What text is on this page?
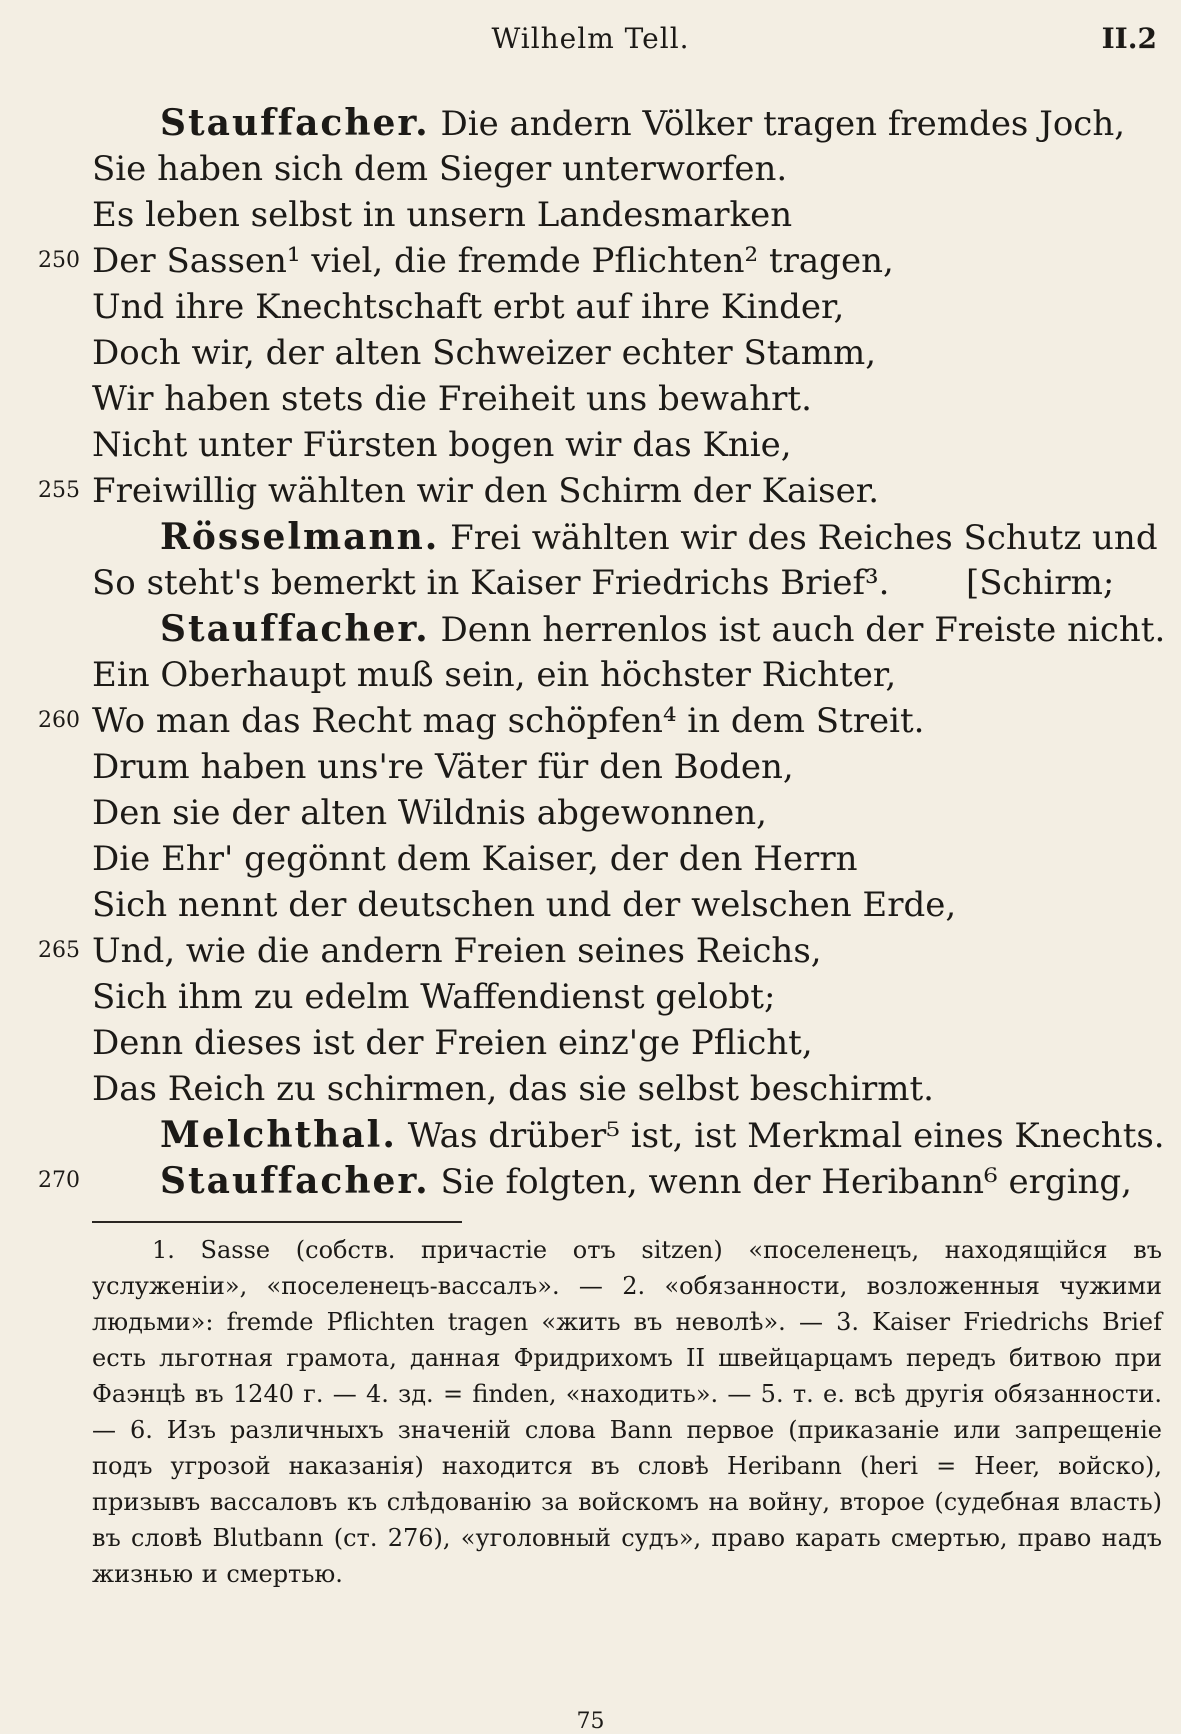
Wilhelm Tell.	II.2
Stauffacher. Die andern Völker tragen fremdes Joch,
Sie haben sich dem Sieger unterworfen.
Es leben selbst in unsern Landesmarken
250 Der Sassen¹ viel, die fremde Pflichten² tragen,
Und ihre Knechtschaft erbt auf ihre Kinder,
Doch wir, der alten Schweizer echter Stamm,
Wir haben stets die Freiheit uns bewahrt.
Nicht unter Fürsten bogen wir das Knie,
255 Freiwillig wählten wir den Schirm der Kaiser.
Rösselmann. Frei wählten wir des Reiches Schutz und
So steht's bemerkt in Kaiser Friedrichs Brief³. [Schirm;
Stauffacher. Denn herrenlos ist auch der Freiste nicht.
Ein Oberhaupt muß sein, ein höchster Richter,
260 Wo man das Recht mag schöpfen⁴ in dem Streit.
Drum haben uns're Väter für den Boden,
Den sie der alten Wildnis abgewonnen,
Die Ehr' gegönnt dem Kaiser, der den Herrn
Sich nennt der deutschen und der welschen Erde,
265 Und, wie die andern Freien seines Reichs,
Sich ihm zu edelm Waffendienst gelobt;
Denn dieses ist der Freien einz'ge Pflicht,
Das Reich zu schirmen, das sie selbst beschirmt.
Melchthal. Was drüber⁵ ist, ist Merkmal eines Knechts.
270 Stauffacher. Sie folgten, wenn der Heribann⁶ erging,

1. Sasse (собств. причастіе отъ sitzen) «поселенецъ, находящійся въ услуженіи», «поселенецъ-вассалъ». — 2. «обязанности, возложенныя чужими людьми»: fremde Pflichten tragen «жить въ неволѣ». — 3. Kaiser Friedrichs Brief есть льготная грамота, данная Фридрихомъ II швейцарцамъ передъ битвою при Фаэнцѣ въ 1240 г. — 4. зд. = finden, «находить». — 5. т. е. всѣ другія обязанности. — 6. Изъ различныхъ значеній слова Bann первое (приказаніе или запрещеніе подъ угрозой наказанія) находится въ словѣ Heribann (heri = Heer, войско), призывъ вассаловъ къ слѣдованію за войскомъ на войну, второе (судебная власть) въ словѣ Blutbann (ст. 276), «уголовный судъ», право карать смертью, право надъ жизнью и смертью.

75
